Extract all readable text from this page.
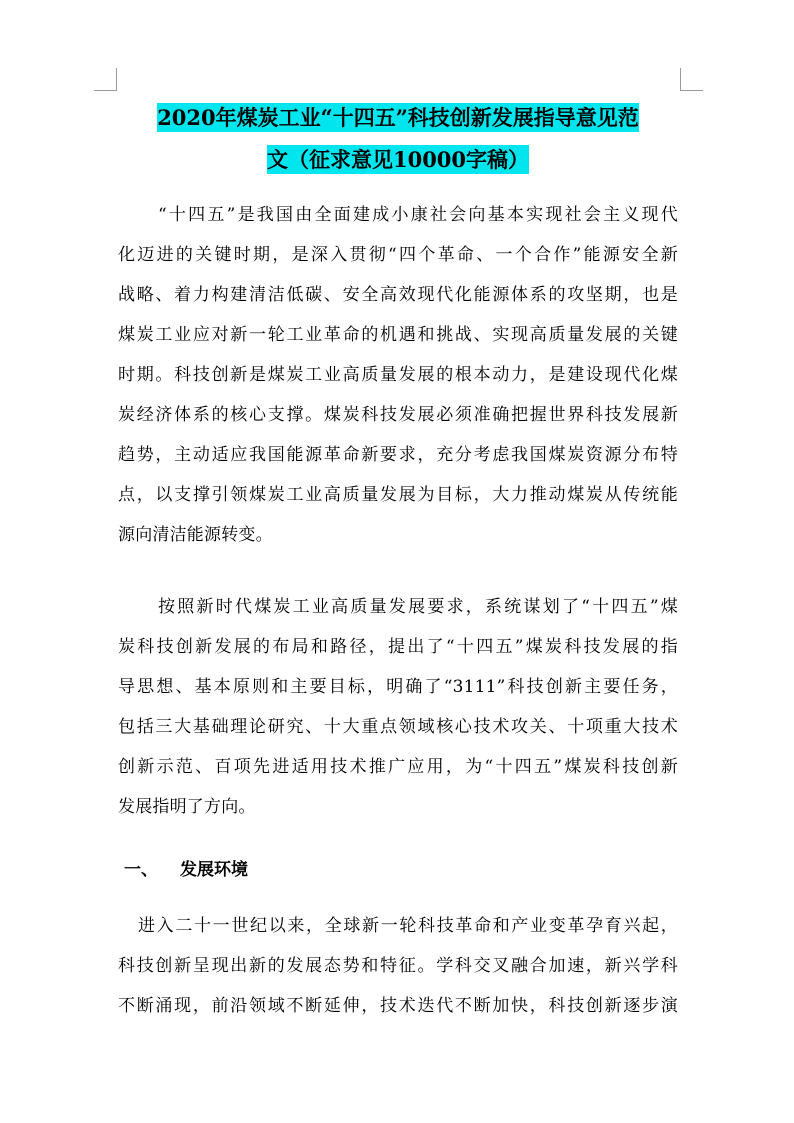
2020年煤炭工业“十四五”科技创新发展指导意见范
文（征求意见10000字稿）
“十四五”是我国由全面建成小康社会向基本实现社会主义现代
化迈进的关键时期，是深入贯彻“四个革命、一个合作”能源安全新
战略、着力构建清洁低碳、安全高效现代化能源体系的攻坚期，也是
煤炭工业应对新一轮工业革命的机遇和挑战、实现高质量发展的关键
时期。科技创新是煤炭工业高质量发展的根本动力，是建设现代化煤
炭经济体系的核心支撑。煤炭科技发展必须准确把握世界科技发展新
趋势，主动适应我国能源革命新要求，充分考虑我国煤炭资源分布特
点，以支撑引领煤炭工业高质量发展为目标，大力推动煤炭从传统能
源向清洁能源转变。
按照新时代煤炭工业高质量发展要求，系统谋划了“十四五”煤
炭科技创新发展的布局和路径，提出了“十四五”煤炭科技发展的指
导思想、基本原则和主要目标，明确了“3111”科技创新主要任务，
包括三大基础理论研究、十大重点领域核心技术攻关、十项重大技术
创新示范、百项先进适用技术推广应用，为“十四五”煤炭科技创新
发展指明了方向。
一、 发展环境
进入二十一世纪以来，全球新一轮科技革命和产业变革孕育兴起，
科技创新呈现出新的发展态势和特征。学科交叉融合加速，新兴学科
不断涌现，前沿领域不断延伸，技术迭代不断加快，科技创新逐步演
